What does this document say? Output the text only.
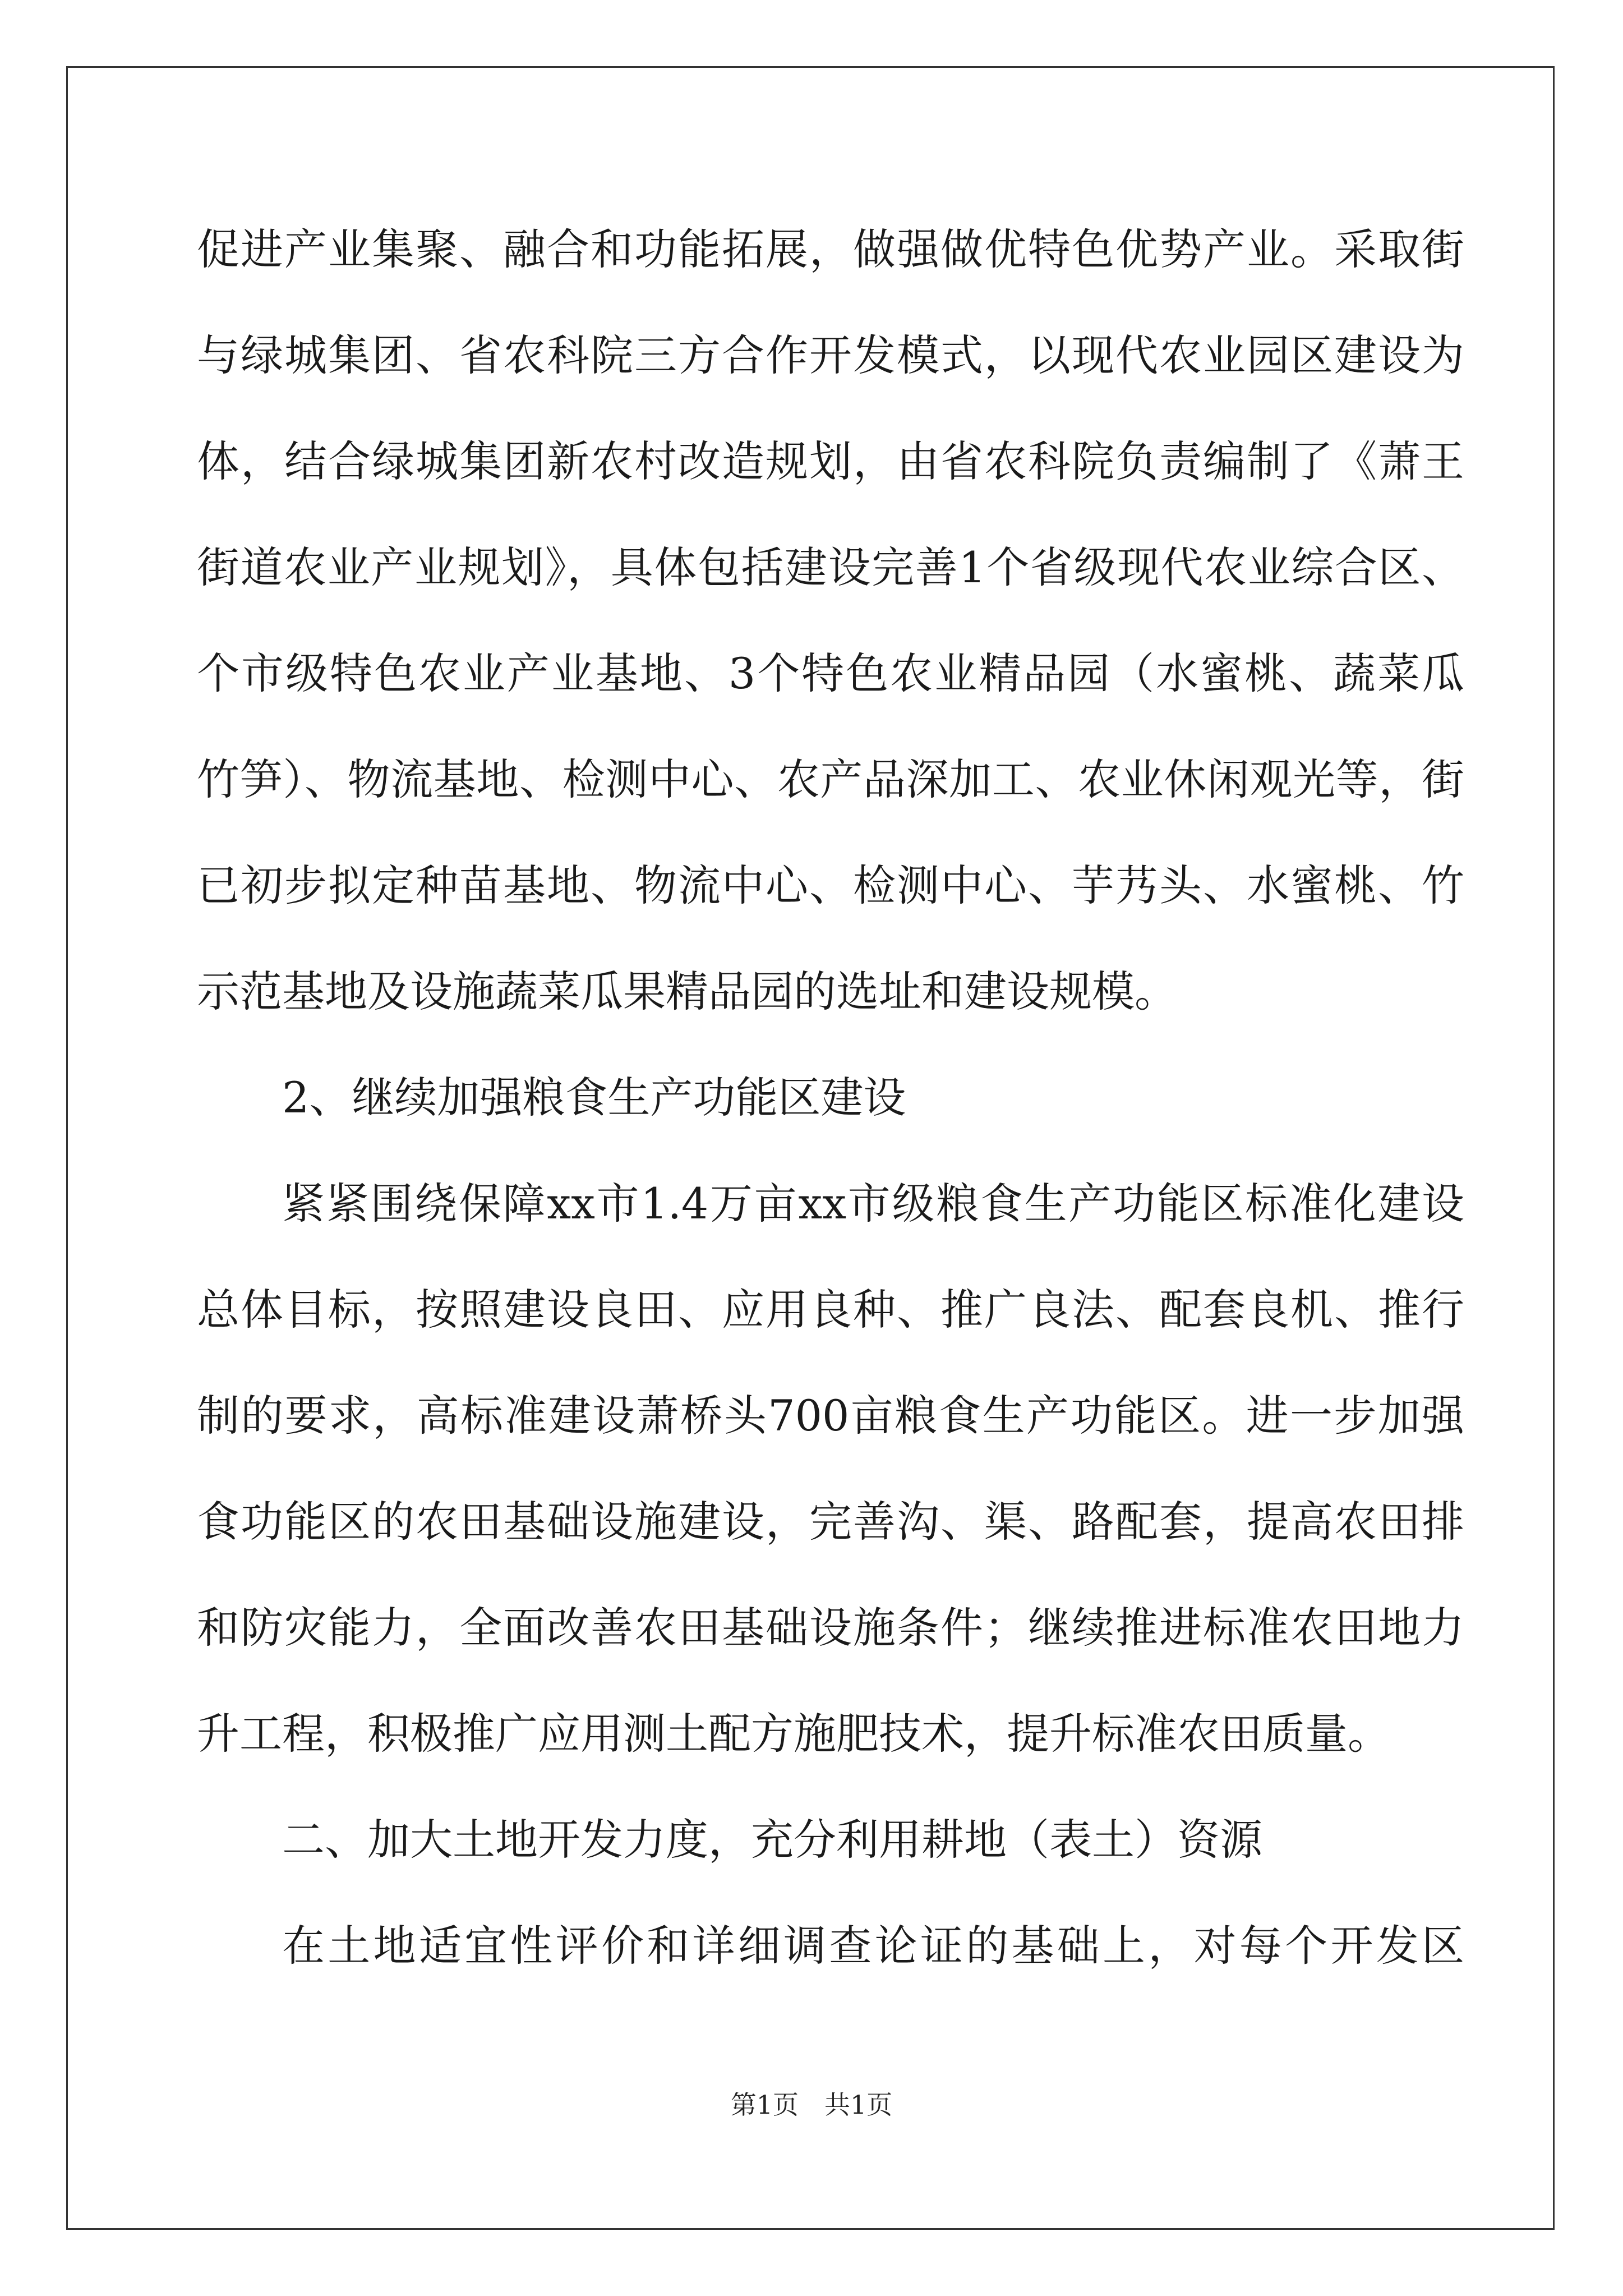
促进产业集聚、融合和功能拓展，做强做优特色优势产业。采取街
与绿城集团、省农科院三方合作开发模式，以现代农业园区建设为
体，结合绿城集团新农村改造规划，由省农科院负责编制了《萧王
街道农业产业规划》，具体包括建设完善1个省级现代农业综合区、
个市级特色农业产业基地、3个特色农业精品园（水蜜桃、蔬菜瓜
竹笋）、物流基地、检测中心、农产品深加工、农业休闲观光等，街
已初步拟定种苗基地、物流中心、检测中心、芋艿头、水蜜桃、竹
示范基地及设施蔬菜瓜果精品园的选址和建设规模。
2、继续加强粮食生产功能区建设
紧紧围绕保障xx市1.4万亩xx市级粮食生产功能区标准化建设
总体目标，按照建设良田、应用良种、推广良法、配套良机、推行
制的要求，高标准建设萧桥头700亩粮食生产功能区。进一步加强
食功能区的农田基础设施建设，完善沟、渠、路配套，提高农田排
和防灾能力，全面改善农田基础设施条件；继续推进标准农田地力
升工程，积极推广应用测土配方施肥技术，提升标准农田质量。
二、加大土地开发力度，充分利用耕地（表土）资源
在土地适宜性评价和详细调查论证的基础上，对每个开发区
第1页　共1页
